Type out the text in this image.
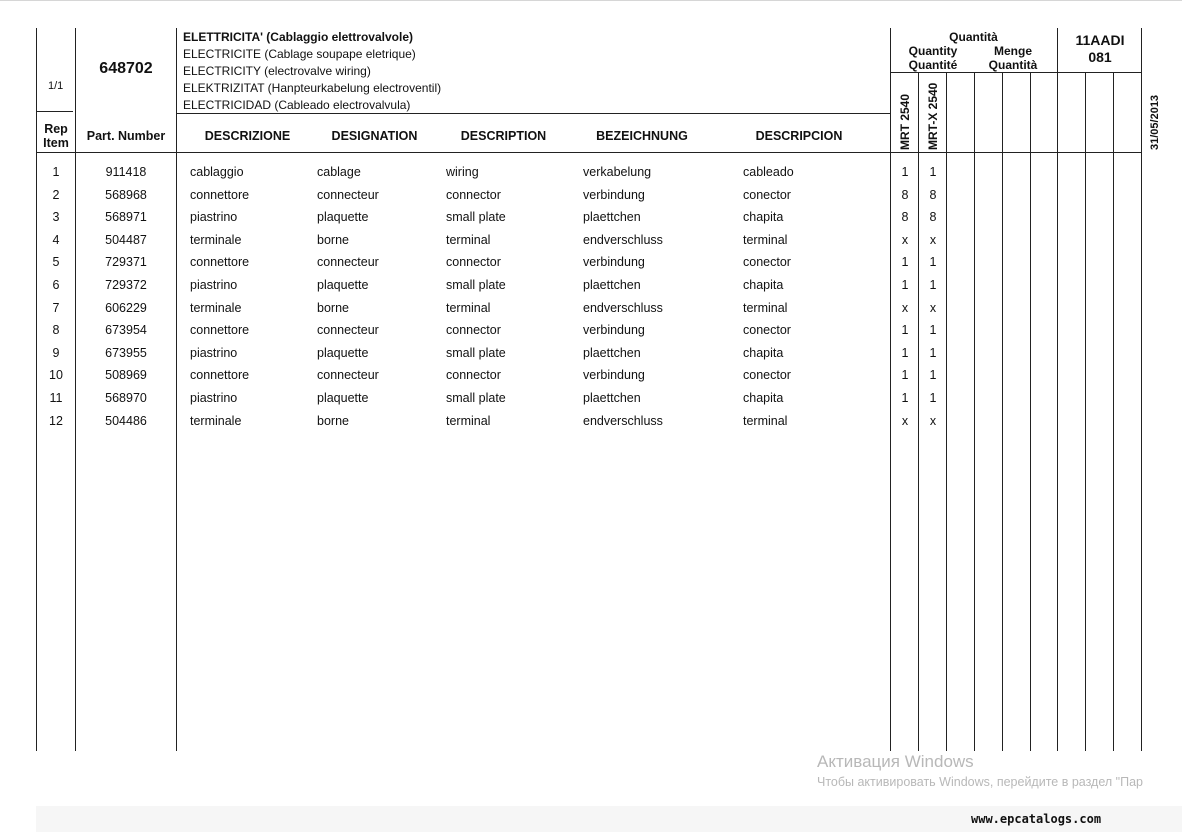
1/1
648702
ELETTRICITA' (Cablaggio elettrovalvole)
ELECTRICITE (Cablage soupape eletrique)
ELECTRICITY (electrovalve wiring)
ELEKTRIZITAT (Hanpteurkabelung electroventil)
ELECTRICIDAD (Cableado electrovalvula)
Quantità
Quantity
Quantité
Menge
Quantità
11AADI
081
MRT 2540 MRT-X 2540	31/05/2013
Rep
Item	Part. Number	DESCRIZIONE	DESIGNATION	DESCRIPTION	BEZEICHNUNG	DESCRIPCION
1	911418	cablaggio	cablage	wiring	verkabelung	cableado	1	1
2	568968	connettore	connecteur	connector	verbindung	conector	8	8
3	568971	piastrino	plaquette	small plate	plaettchen	chapita	8	8
4	504487	terminale	borne	terminal	endverschluss	terminal	x	x
5	729371	connettore	connecteur	connector	verbindung	conector	1	1
6	729372	piastrino	plaquette	small plate	plaettchen	chapita	1	1
7	606229	terminale	borne	terminal	endverschluss	terminal	x	x
8	673954	connettore	connecteur	connector	verbindung	conector	1	1
9	673955	piastrino	plaquette	small plate	plaettchen	chapita	1	1
10	508969	connettore	connecteur	connector	verbindung	conector	1	1
11	568970	piastrino	plaquette	small plate	plaettchen	chapita	1	1
12	504486	terminale	borne	terminal	endverschluss	terminal	x	x
Активация Windows
Чтобы активировать Windows, перейдите в раздел "Пар
www.epcatalogs.com
